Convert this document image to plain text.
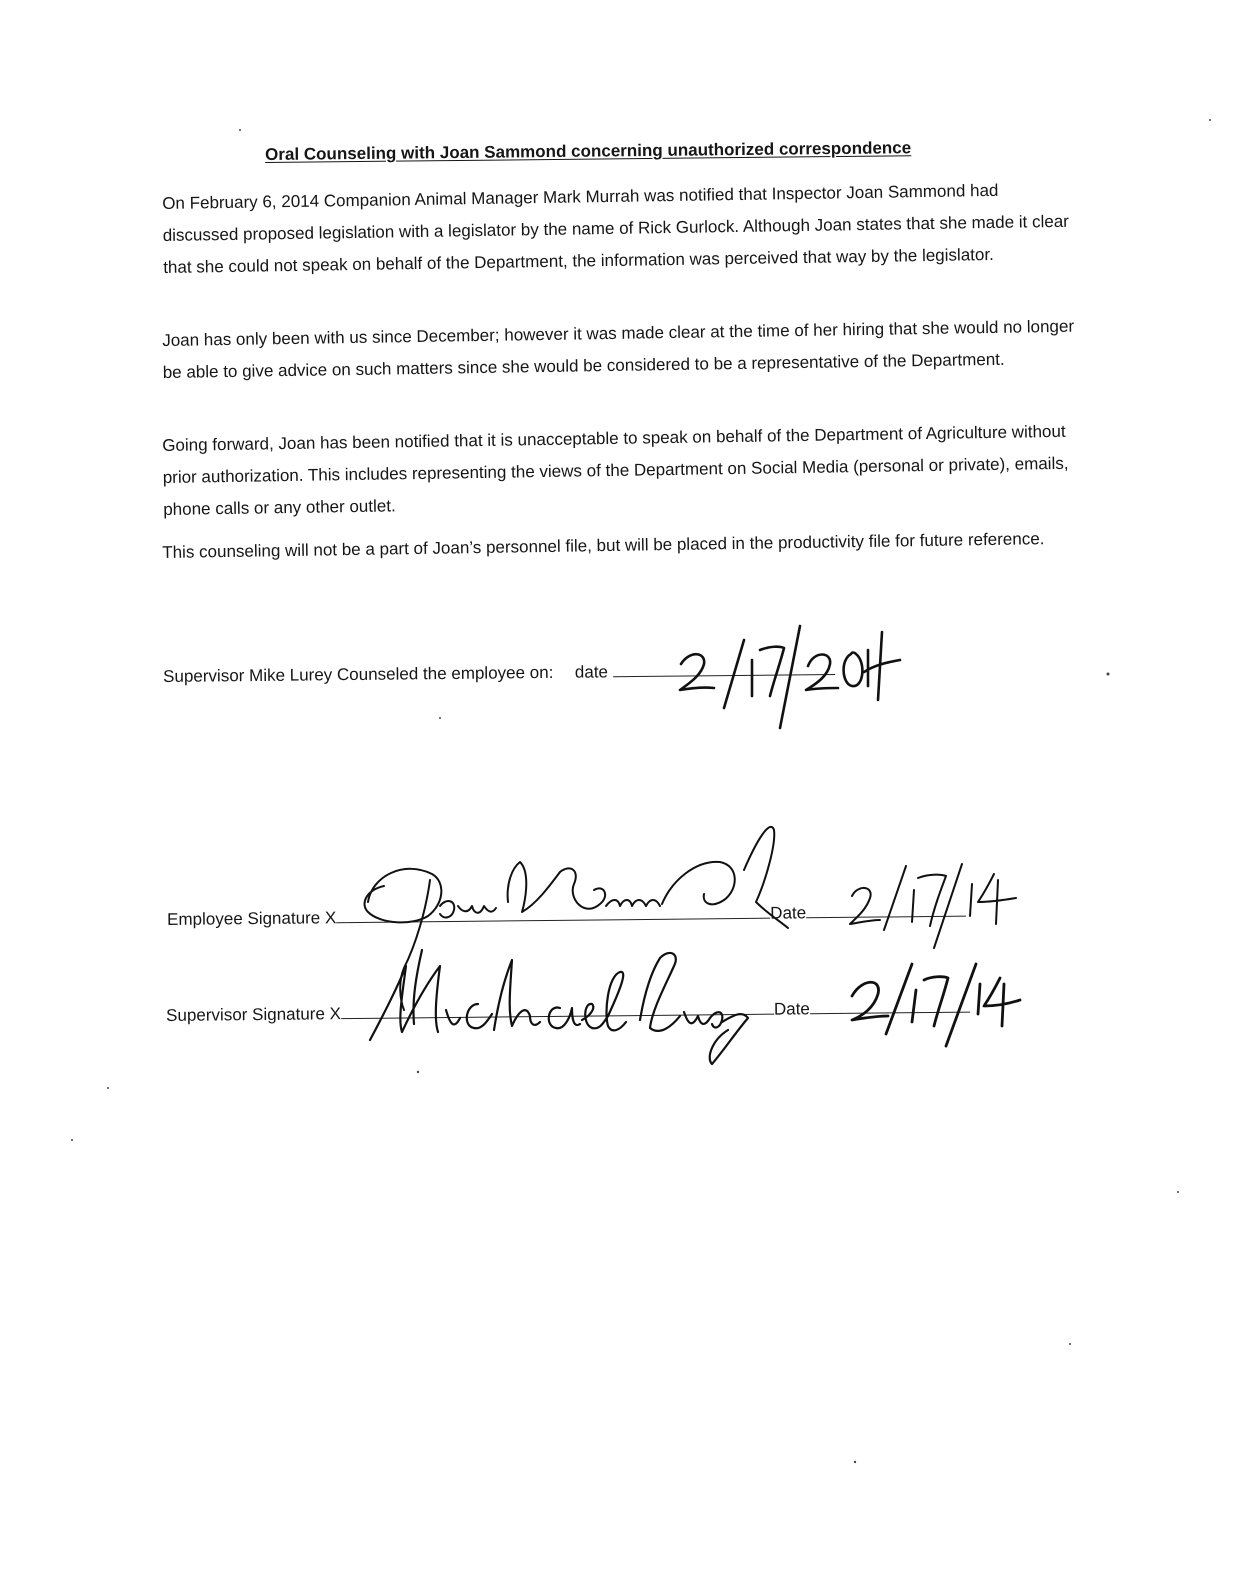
Oral Counseling with Joan Sammond concerning unauthorized correspondence

On February 6, 2014 Companion Animal Manager Mark Murrah was notified that Inspector Joan Sammond had discussed proposed legislation with a legislator by the name of Rick Gurlock. Although Joan states that she made it clear that she could not speak on behalf of the Department, the information was perceived that way by the legislator.

Joan has only been with us since December; however it was made clear at the time of her hiring that she would no longer be able to give advice on such matters since she would be considered to be a representative of the Department.

Going forward, Joan has been notified that it is unacceptable to speak on behalf of the Department of Agriculture without prior authorization. This includes representing the views of the Department on Social Media (personal or private), emails, phone calls or any other outlet.

This counseling will not be a part of Joan’s personnel file, but will be placed in the productivity file for future reference.

Supervisor Mike Lurey Counseled the employee on: date
Employee Signature X	Date
Supervisor Signature X	Date
